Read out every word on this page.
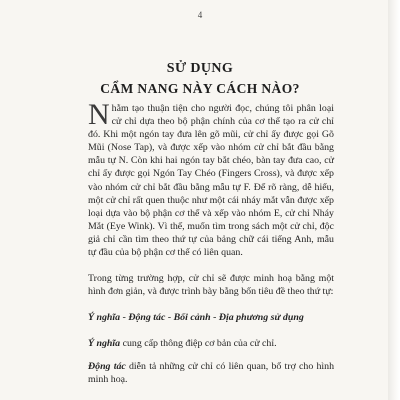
4
SỬ DỤNG
CẨM NANG NÀY CÁCH NÀO?

Nhằm tạo thuận tiện cho người đọc, chúng tôi phân loại cử chỉ dựa theo bộ phận chính của cơ thể tạo ra cử chỉ đó. Khi một ngón tay đưa lên gõ mũi, cử chỉ ấy được gọi Gõ Mũi (Nose Tap), và được xếp vào nhóm cử chỉ bắt đầu bằng mẫu tự N. Còn khi hai ngón tay bắt chéo, bàn tay đưa cao, cử chỉ ấy được gọi Ngón Tay Chéo (Fingers Cross), và được xếp vào nhóm cử chỉ bắt đầu bằng mẫu tự F. Để rõ ràng, dễ hiểu, một cử chỉ rất quen thuộc như một cái nháy mắt vẫn được xếp loại dựa vào bộ phận cơ thể và xếp vào nhóm E, cử chỉ Nháy Mắt (Eye Wink). Vì thế, muốn tìm trong sách một cử chỉ, độc giả chỉ cần tìm theo thứ tự của bảng chữ cái tiếng Anh, mẫu tự đầu của bộ phận cơ thể có liên quan.

Trong từng trường hợp, cử chỉ sẽ được minh hoạ bằng một hình đơn giản, và được trình bày bằng bốn tiêu đề theo thứ tự:

Ý nghĩa - Động tác - Bối cảnh - Địa phương sử dụng

Ý nghĩa cung cấp thông điệp cơ bản của cử chỉ.

Động tác diễn tả những cử chỉ có liên quan, bổ trợ cho hình minh hoạ.
